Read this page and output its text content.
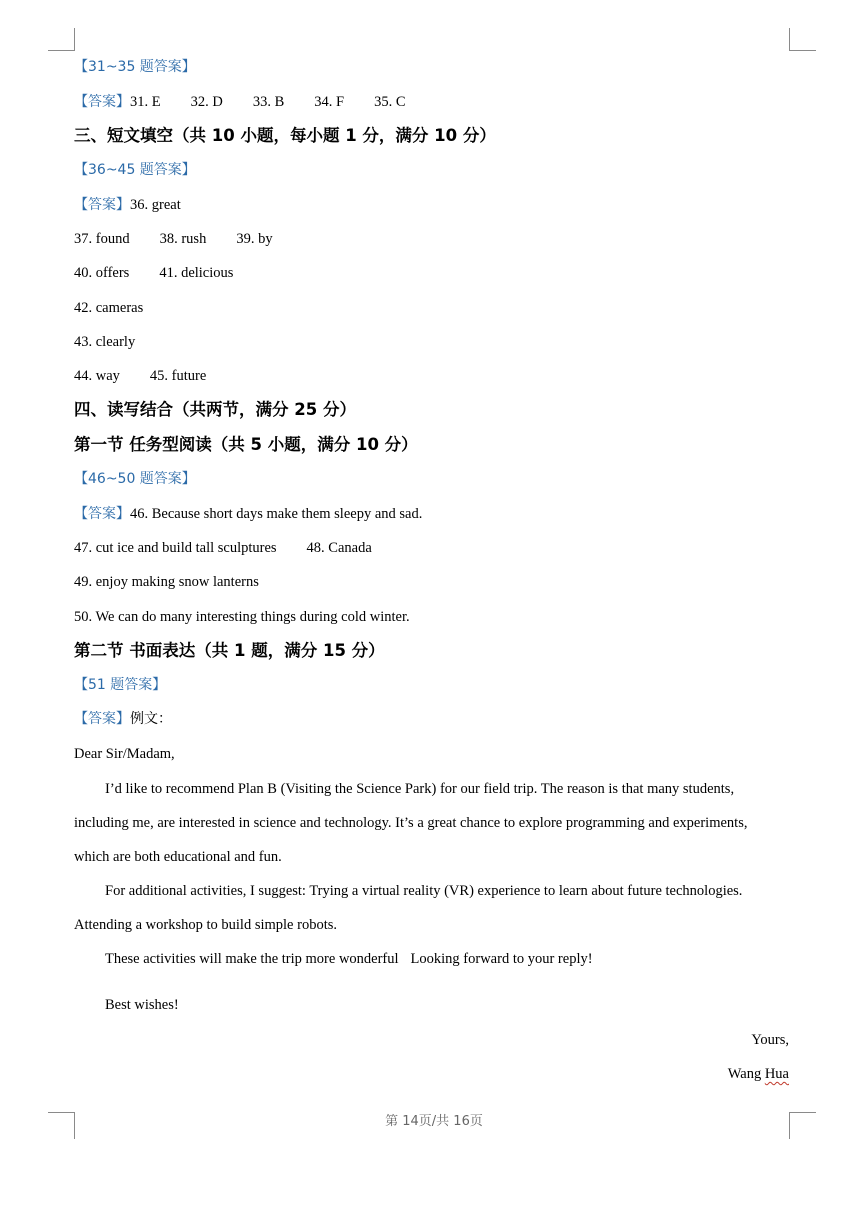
【31~35 题答案】
【答案】31. E 32. D 33. B 34. F 35. C
三、短文填空（共 10 小题，每小题 1 分，满分 10 分）
【36~45 题答案】
【答案】36. great
37. found 38. rush 39. by
40. offers 41. delicious
42. cameras
43. clearly
44. way 45. future
四、读写结合（共两节，满分 25 分）
第一节 任务型阅读（共 5 小题，满分 10 分）
【46~50 题答案】
【答案】46. Because short days make them sleepy and sad.
47. cut ice and build tall sculptures 48. Canada
49. enjoy making snow lanterns
50. We can do many interesting things during cold winter.
第二节 书面表达（共 1 题，满分 15 分）
【51 题答案】
【答案】例文：
Dear Sir/Madam,
I’d like to recommend Plan B (Visiting the Science Park) for our field trip. The reason is that many students,
including me, are interested in science and technology. It’s a great chance to explore programming and experiments,
which are both educational and fun.
For additional activities, I suggest: Trying a virtual reality (VR) experience to learn about future technologies.
Attending a workshop to build simple robots.
These activities will make the trip more wonderful Looking forward to your reply!
Best wishes!
Yours,
Wang Hua
第 14页/共 16页
